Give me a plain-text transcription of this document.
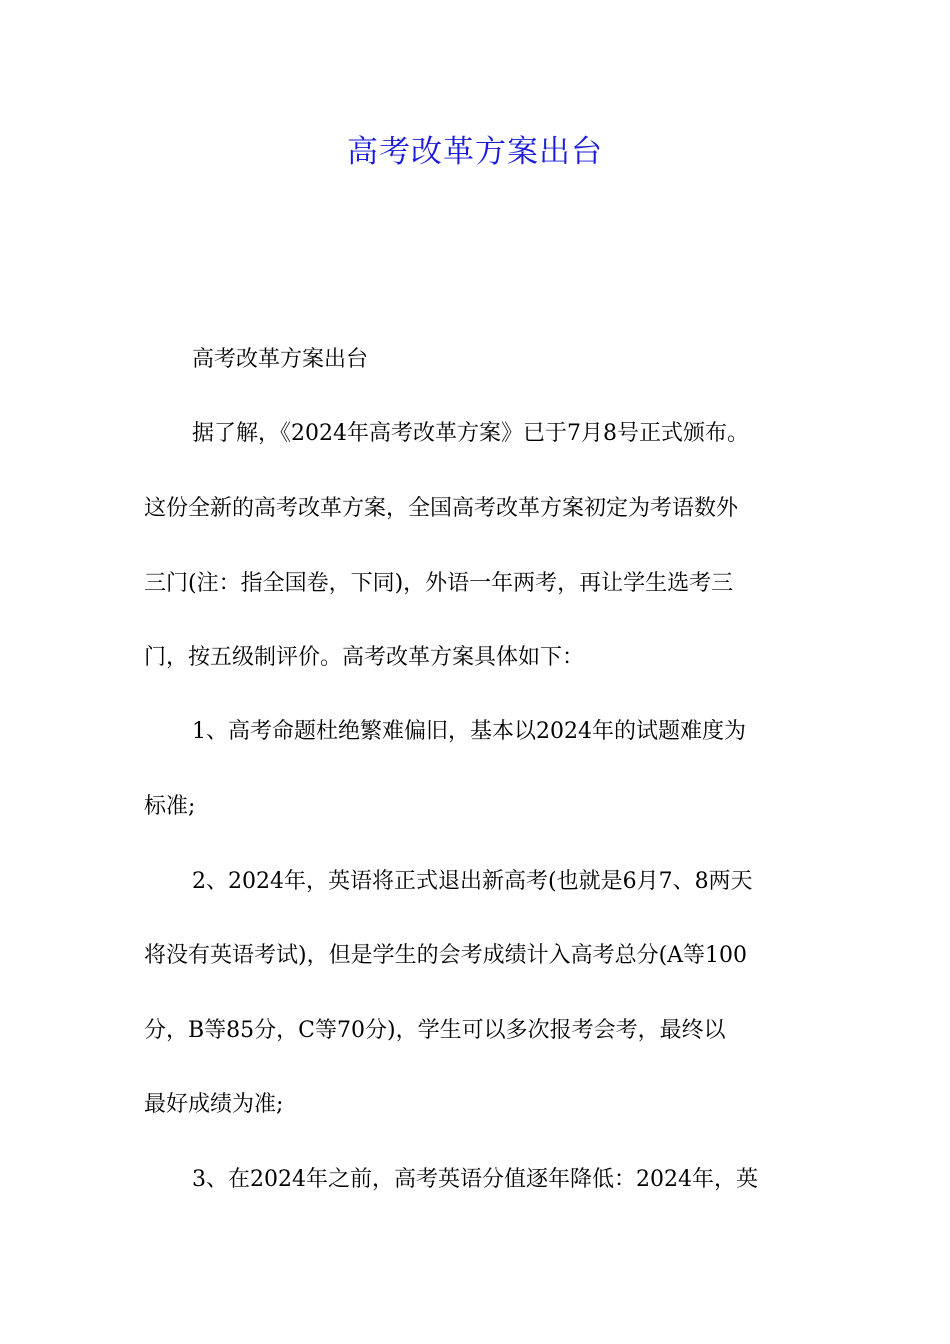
高考改革方案出台
高考改革方案出台
据了解，《2024年高考改革方案》已于7月8号正式颁布。
这份全新的高考改革方案，全国高考改革方案初定为考语数外
三门(注：指全国卷，下同)，外语一年两考，再让学生选考三
门，按五级制评价。高考改革方案具体如下：
1、高考命题杜绝繁难偏旧，基本以2024年的试题难度为
标准;
2、2024年，英语将正式退出新高考(也就是6月7、8两天
将没有英语考试)，但是学生的会考成绩计入高考总分(A等100
分，B等85分，C等70分)，学生可以多次报考会考，最终以
最好成绩为准;
3、在2024年之前，高考英语分值逐年降低：2024年，英
